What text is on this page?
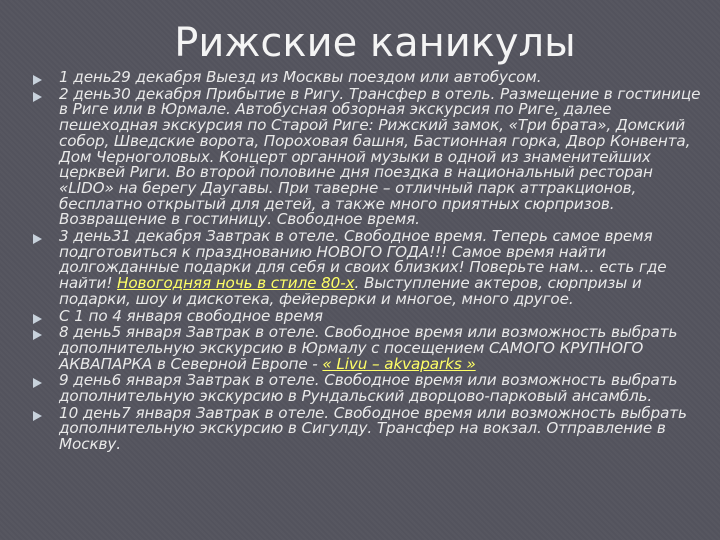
Рижские каникулы
1 день29 декабря Выезд из Москвы поездом или автобусом.
2 день30 декабря Прибытие в Ригу. Трансфер в отель. Размещение в гостинице в Риге или в Юрмале. Автобусная обзорная экскурсия по Риге, далее пешеходная экскурсия по Старой Риге: Рижский замок, «Три брата», Домский собор, Шведские ворота, Пороховая башня, Бастионная горка, Двор Конвента, Дом Черноголовых. Концерт органной музыки в одной из знаменитейших церквей Риги. Во второй половине дня поездка в национальный ресторан «LIDO» на берегу Даугавы. При таверне – отличный парк аттракционов, бесплатно открытый для детей, а также много приятных сюрпризов. Возвращение в гостиницу. Свободное время.
3 день31 декабря Завтрак в отеле. Свободное время. Теперь самое время подготовиться к празднованию НОВОГО ГОДА!!! Самое время найти долгожданные подарки для себя и своих близких! Поверьте нам… есть где найти! Новогодняя ночь в стиле 80-х. Выступление актеров, сюрпризы и подарки, шоу и дискотека, фейерверки и многое, много другое.
С 1 по 4 января свободное время
8 день5 января Завтрак в отеле. Свободное время или возможность выбрать дополнительную экскурсию в Юрмалу с посещением САМОГО КРУПНОГО АКВАПАРКА в Северной Европе - « Livu – akvaparks »
9 день6 января Завтрак в отеле. Свободное время или возможность выбрать дополнительную экскурсию в Рундальский дворцово-парковый ансамбль.
10 день7 января Завтрак в отеле. Свободное время или возможность выбрать дополнительную экскурсию в Сигулду. Трансфер на вокзал. Отправление в Москву.
